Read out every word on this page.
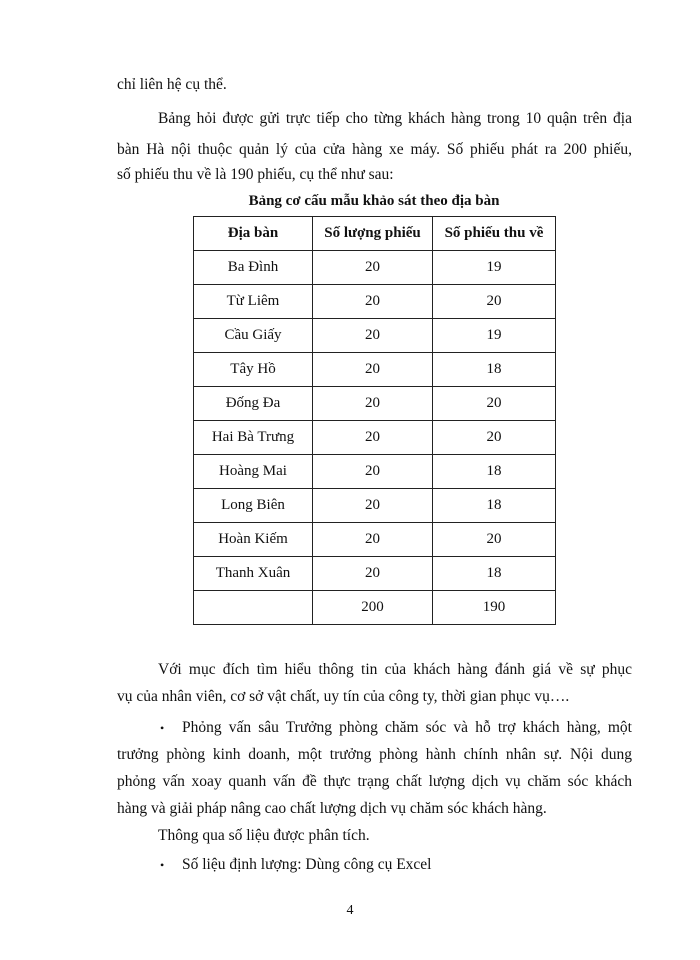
chỉ liên hệ cụ thể.
Bảng hỏi được gửi trực tiếp cho từng khách hàng trong 10 quận trên địa
bàn Hà nội thuộc quản lý của cửa hàng xe máy. Số phiếu phát ra 200 phiếu,
số phiếu thu về là 190 phiếu, cụ thể như sau:
Bảng cơ cấu mẫu khảo sát theo địa bàn
Địa bàn	Số lượng phiếu	Số phiếu thu về
Ba Đình	20	19
Từ Liêm	20	20
Cầu Giấy	20	19
Tây Hồ	20	18
Đống Đa	20	20
Hai Bà Trưng	20	20
Hoàng Mai	20	18
Long Biên	20	18
Hoàn Kiếm	20	20
Thanh Xuân	20	18
	200	190
Với mục đích tìm hiểu thông tin của khách hàng đánh giá về sự phục
vụ của nhân viên, cơ sở vật chất, uy tín của công ty, thời gian phục vụ….
• Phỏng vấn sâu Trưởng phòng chăm sóc và hỗ trợ khách hàng, một
trưởng phòng kinh doanh, một trưởng phòng hành chính nhân sự. Nội dung
phỏng vấn xoay quanh vấn đề thực trạng chất lượng dịch vụ chăm sóc khách
hàng và giải pháp nâng cao chất lượng dịch vụ chăm sóc khách hàng.
Thông qua số liệu được phân tích.
• Số liệu định lượng: Dùng công cụ Excel
4
